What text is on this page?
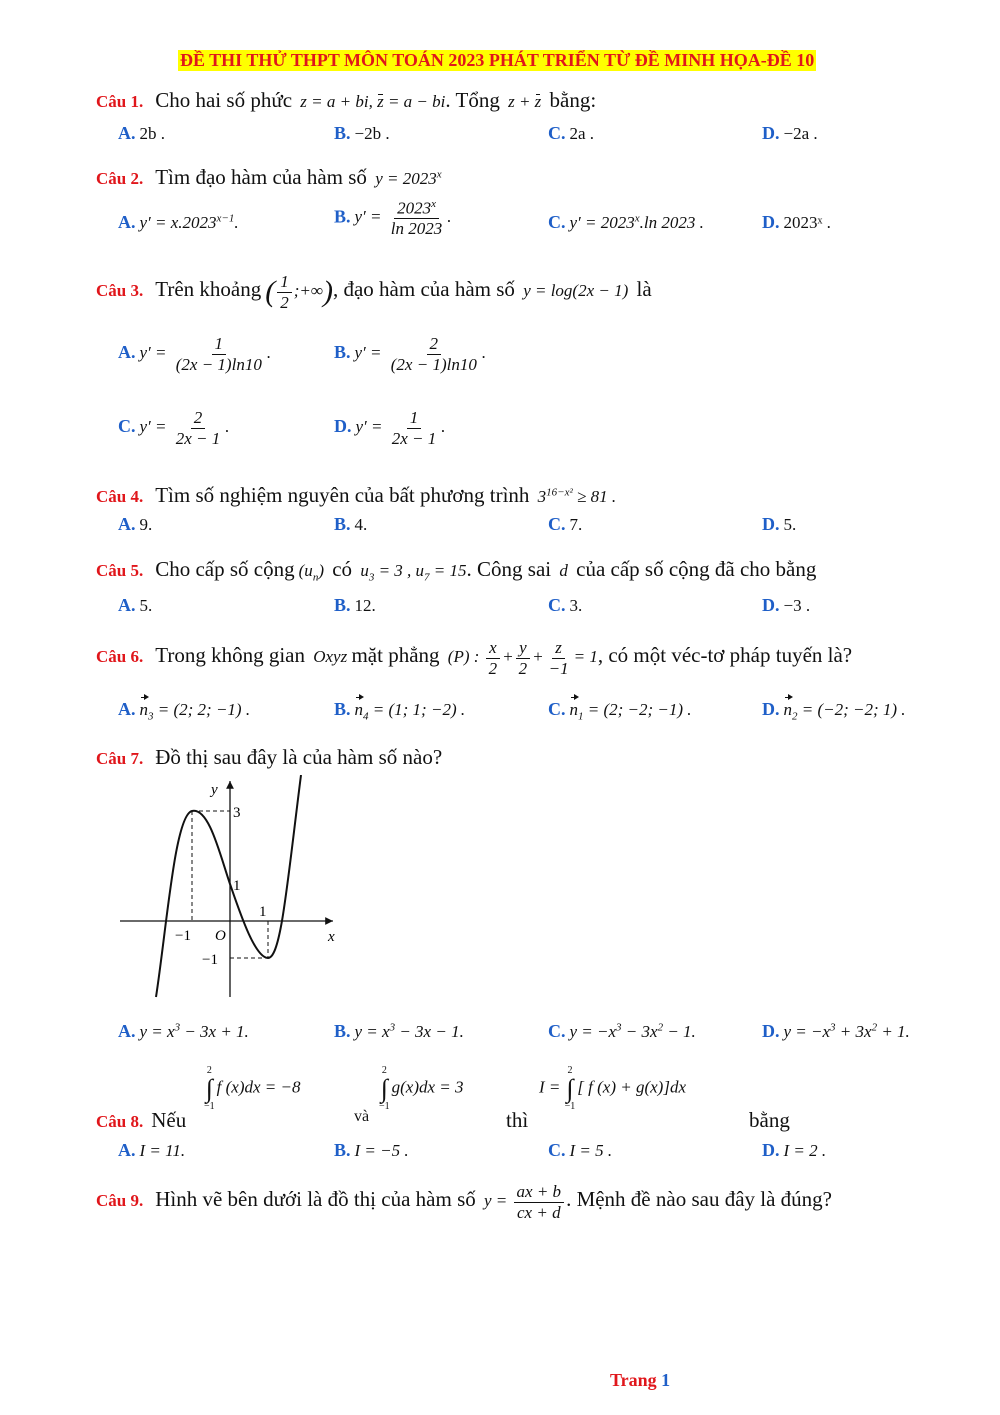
ĐỀ THI THỬ THPT MÔN TOÁN 2023 PHÁT TRIỂN TỪ ĐỀ MINH HỌA-ĐỀ 10
Câu 1. Cho hai số phức  z = a + bi, z = a − bi. Tổng  z + z bằng:
A. 2b .	B. −2b .	C. 2a .	D. −2a .
Câu 2. Tìm đạo hàm của hàm số  $y = 2023^x$
A. $y' = x.2023^{x-1}$.	B. $y' = \frac{2023^x}{\ln 2023}$ .	C. $y' = 2023^x.\ln$ 2023 .	D. 2023ˣ .
Câu 3. Trên khoảng ( $\frac{1}{2}$ ;+∞), đạo hàm của hàm số  y = log(2x − 1)  là
A. $y' = \frac{1}{(2x - 1)\ln 10}$ .	B. $y' = \frac{2}{(2x - 1)\ln 10}$ .
C. $y' = \frac{2}{2x - 1}$ .	D. $y' = \frac{1}{2x - 1}$ .
Câu 4. Tìm số nghiệm nguyên của bất phương trình  $3^{16-x^2} \ge 81$ .
A. 9.	B. 4.	C. 7.	D. 5.
Câu 5. Cho cấp số cộng $(u_n)$  có  $u_3 = 3$ , $u_7 = 15$. Công sai  d  của cấp số cộng đã cho bằng
A. 5.	B. 12.	C. 3.	D. −3 .
Câu 6. Trong không gian  Oxyz mặt phẳng  (P) : $\frac{x}{2} + \frac{y}{2} + \frac{z}{-1} = 1$, có một véc-tơ pháp tuyến là?
A. $n_3 = (2$; 2; −1) .	B. $n_4 = (1$; 1; −2) .	C. $n_1 = (2$; −2; −1) .	D. $n_2 = (-2$; −2; 1) .
Câu 7. Đồ thị sau đây là của hàm số nào?
y
x
3
1
1
−1 O
−1
A. $y = x^3 - 3x + 1$.	B. $y = x^3 - 3x - 1$.	C. $y = -x^3 - 3x^2 - 1$.	D. $y = -x^3 + 3x^2 + 1$.
Câu 8. Nếu
2
∫
−1
f (x)dx = −8
và
2
∫
−1
g(x)dx = 3
thì
I =
2
∫
−1
[ f (x) + g(x)]dx
bằng
A. I = 11.	B. I = −5 .	C. I = 5 .	D. I = 2 .
Câu 9. Hình vẽ bên dưới là đồ thị của hàm số  $y = \frac{ax + b}{cx + d}$ . Mệnh đề nào sau đây là đúng?
Trang 1
